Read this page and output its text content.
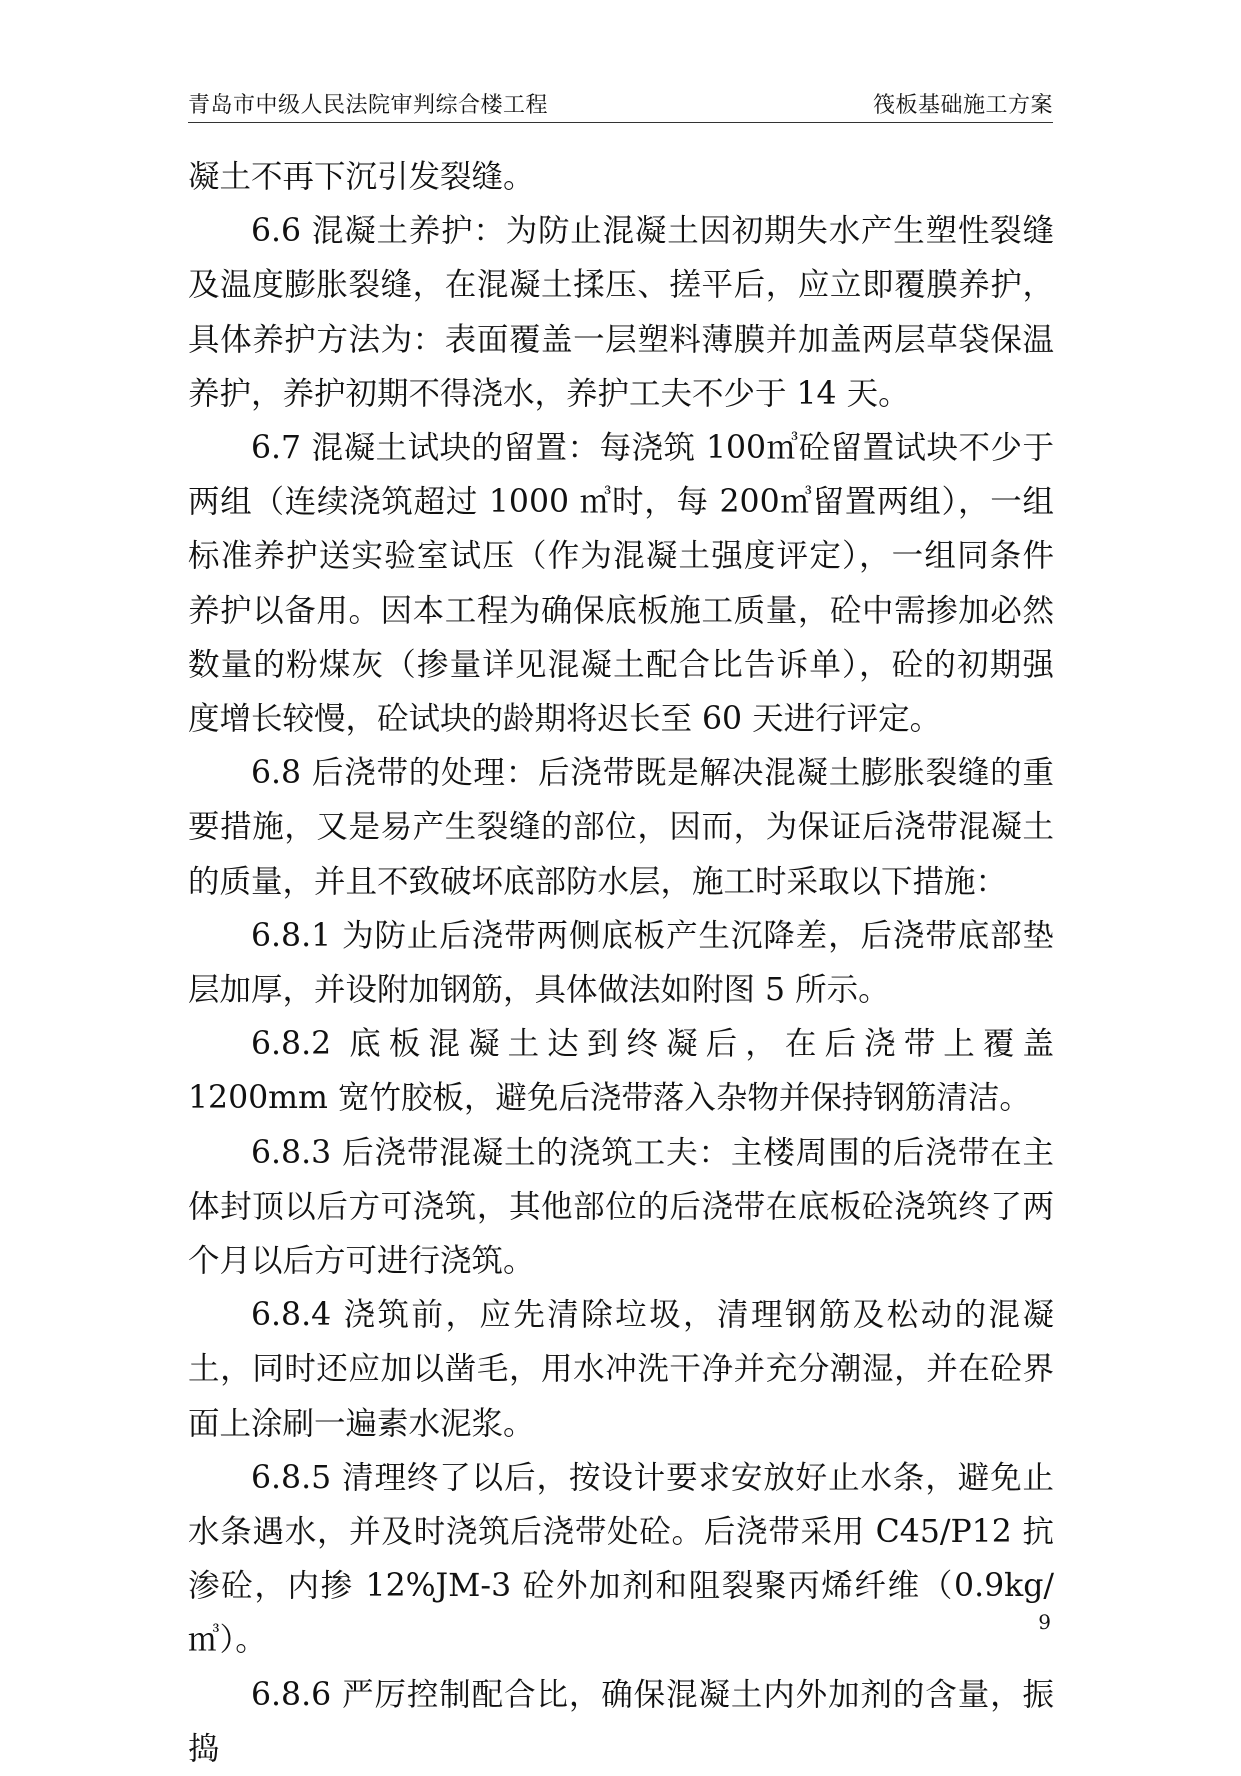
青岛市中级人民法院审判综合楼工程	筏板基础施工方案

凝土不再下沉引发裂缝。

6.6 混凝土养护：为防止混凝土因初期失水产生塑性裂缝及温度膨胀裂缝，在混凝土揉压、搓平后，应立即覆膜养护，具体养护方法为：表面覆盖一层塑料薄膜并加盖两层草袋保温养护，养护初期不得浇水，养护工夫不少于 14 天。

6.7 混凝土试块的留置：每浇筑 100㎥砼留置试块不少于两组（连续浇筑超过 1000 ㎥时，每 200㎥留置两组），一组标准养护送实验室试压（作为混凝土强度评定），一组同条件养护以备用。因本工程为确保底板施工质量，砼中需掺加必然数量的粉煤灰（掺量详见混凝土配合比告诉单），砼的初期强度增长较慢，砼试块的龄期将迟长至 60 天进行评定。

6.8 后浇带的处理：后浇带既是解决混凝土膨胀裂缝的重要措施，又是易产生裂缝的部位，因而，为保证后浇带混凝土的质量，并且不致破坏底部防水层，施工时采取以下措施：

6.8.1 为防止后浇带两侧底板产生沉降差，后浇带底部垫层加厚，并设附加钢筋，具体做法如附图 5 所示。

6.8.2 底板混凝土达到终凝后，在后浇带上覆盖 1200mm 宽竹胶板，避免后浇带落入杂物并保持钢筋清洁。

6.8.3 后浇带混凝土的浇筑工夫：主楼周围的后浇带在主体封顶以后方可浇筑，其他部位的后浇带在底板砼浇筑终了两个月以后方可进行浇筑。

6.8.4 浇筑前，应先清除垃圾，清理钢筋及松动的混凝土，同时还应加以凿毛，用水冲洗干净并充分潮湿，并在砼界面上涂刷一遍素水泥浆。

6.8.5 清理终了以后，按设计要求安放好止水条，避免止水条遇水，并及时浇筑后浇带处砼。后浇带采用 C45/P12 抗渗砼，内掺 12%JM-3 砼外加剂和阻裂聚丙烯纤维（0.9kg/㎥）。

6.8.6 严厉控制配合比，确保混凝土内外加剂的含量，振捣

9
